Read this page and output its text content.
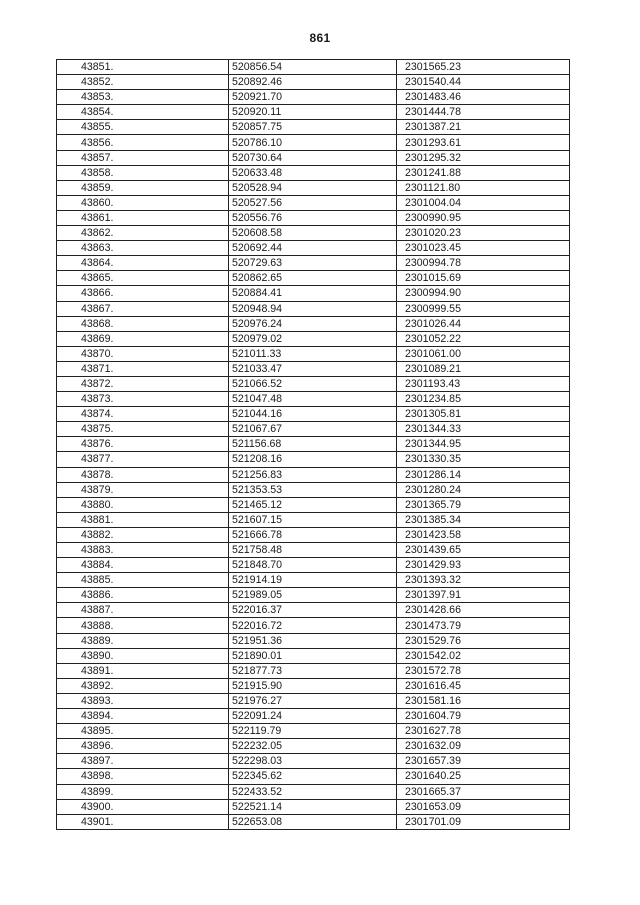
861
43851.	520856.54	2301565.23
43852.	520892.46	2301540.44
43853.	520921.70	2301483.46
43854.	520920.11	2301444.78
43855.	520857.75	2301387.21
43856.	520786.10	2301293.61
43857.	520730.64	2301295.32
43858.	520633.48	2301241.88
43859.	520528.94	2301121.80
43860.	520527.56	2301004.04
43861.	520556.76	2300990.95
43862.	520608.58	2301020.23
43863.	520692.44	2301023.45
43864.	520729.63	2300994.78
43865.	520862.65	2301015.69
43866.	520884.41	2300994.90
43867.	520948.94	2300999.55
43868.	520976.24	2301026.44
43869.	520979.02	2301052.22
43870.	521011.33	2301061.00
43871.	521033.47	2301089.21
43872.	521066.52	2301193.43
43873.	521047.48	2301234.85
43874.	521044.16	2301305.81
43875.	521067.67	2301344.33
43876.	521156.68	2301344.95
43877.	521208.16	2301330.35
43878.	521256.83	2301286.14
43879.	521353.53	2301280.24
43880.	521465.12	2301365.79
43881.	521607.15	2301385.34
43882.	521666.78	2301423.58
43883.	521758.48	2301439.65
43884.	521848.70	2301429.93
43885.	521914.19	2301393.32
43886.	521989.05	2301397.91
43887.	522016.37	2301428.66
43888.	522016.72	2301473.79
43889.	521951.36	2301529.76
43890.	521890.01	2301542.02
43891.	521877.73	2301572.78
43892.	521915.90	2301616.45
43893.	521976.27	2301581.16
43894.	522091.24	2301604.79
43895.	522119.79	2301627.78
43896.	522232.05	2301632.09
43897.	522298.03	2301657.39
43898.	522345.62	2301640.25
43899.	522433.52	2301665.37
43900.	522521.14	2301653.09
43901.	522653.08	2301701.09
